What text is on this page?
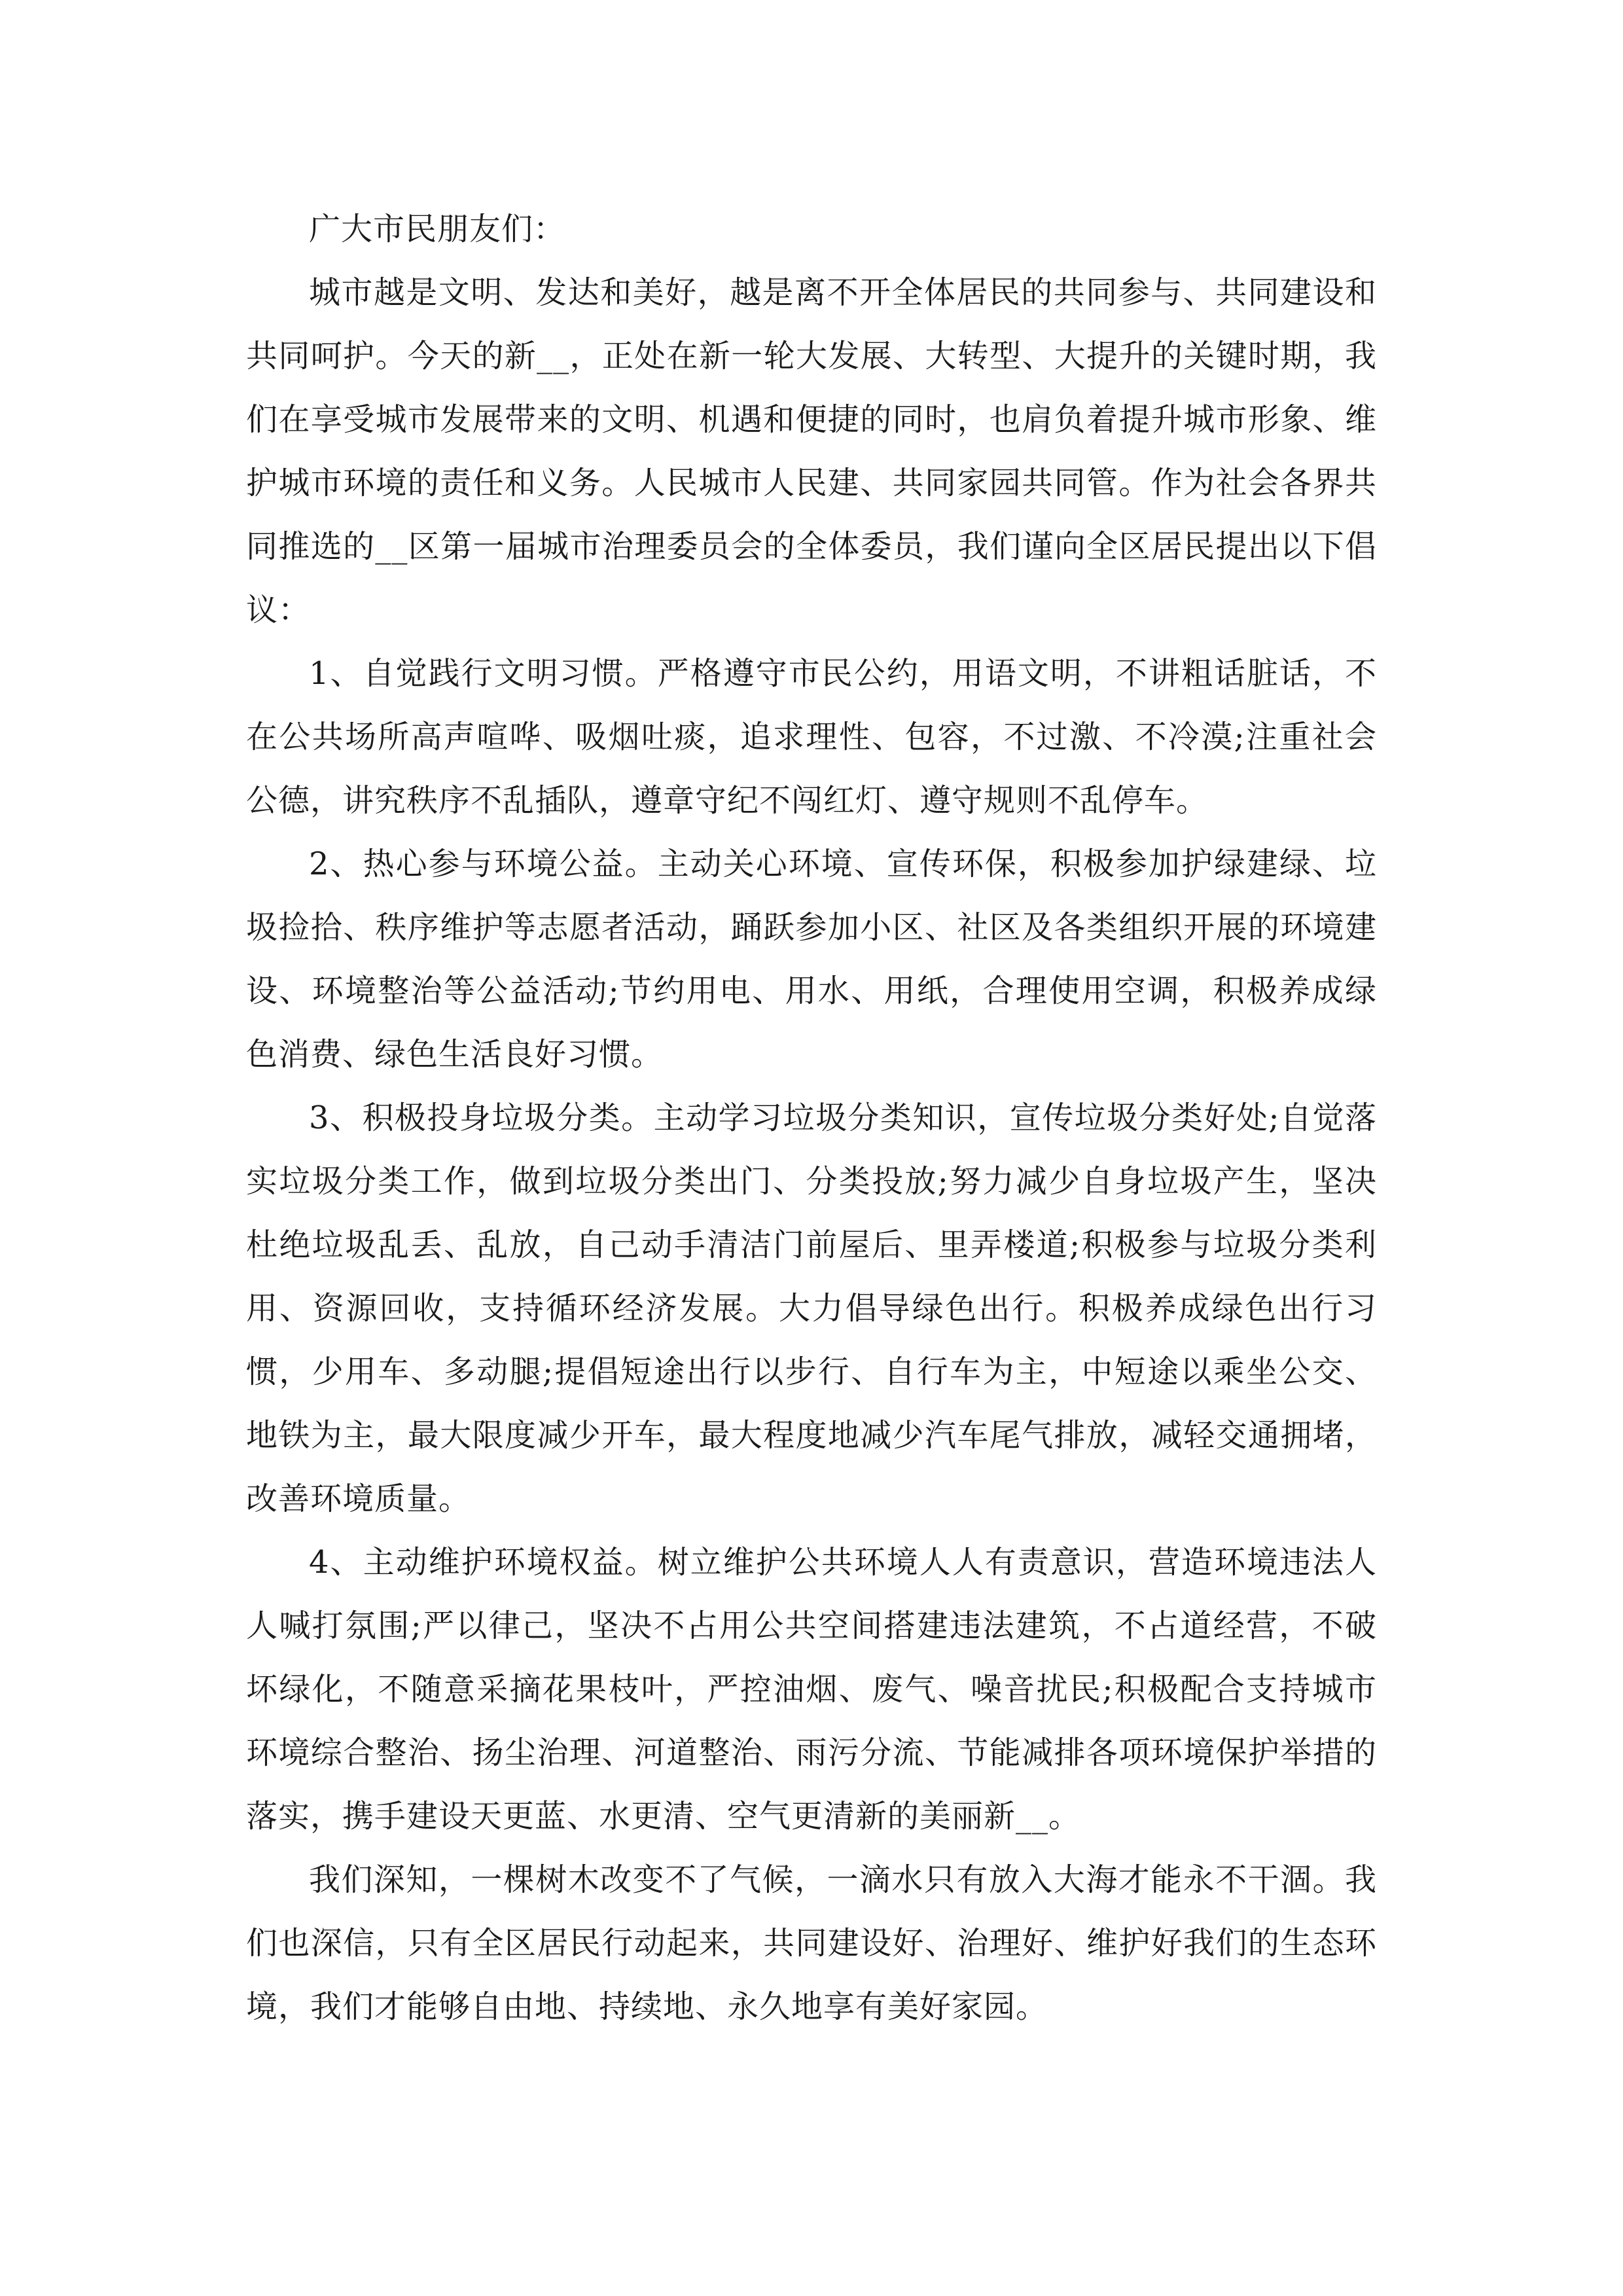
广大市民朋友们：

城市越是文明、发达和美好，越是离不开全体居民的共同参与、共同建设和共同呵护。今天的新__，正处在新一轮大发展、大转型、大提升的关键时期，我们在享受城市发展带来的文明、机遇和便捷的同时，也肩负着提升城市形象、维护城市环境的责任和义务。人民城市人民建、共同家园共同管。作为社会各界共同推选的__区第一届城市治理委员会的全体委员，我们谨向全区居民提出以下倡议：

1、自觉践行文明习惯。严格遵守市民公约，用语文明，不讲粗话脏话，不在公共场所高声喧哗、吸烟吐痰，追求理性、包容，不过激、不冷漠;注重社会公德，讲究秩序不乱插队，遵章守纪不闯红灯、遵守规则不乱停车。

2、热心参与环境公益。主动关心环境、宣传环保，积极参加护绿建绿、垃圾捡拾、秩序维护等志愿者活动，踊跃参加小区、社区及各类组织开展的环境建设、环境整治等公益活动;节约用电、用水、用纸，合理使用空调，积极养成绿色消费、绿色生活良好习惯。

3、积极投身垃圾分类。主动学习垃圾分类知识，宣传垃圾分类好处;自觉落实垃圾分类工作，做到垃圾分类出门、分类投放;努力减少自身垃圾产生，坚决杜绝垃圾乱丢、乱放，自己动手清洁门前屋后、里弄楼道;积极参与垃圾分类利用、资源回收，支持循环经济发展。大力倡导绿色出行。积极养成绿色出行习惯，少用车、多动腿;提倡短途出行以步行、自行车为主，中短途以乘坐公交、地铁为主，最大限度减少开车，最大程度地减少汽车尾气排放，减轻交通拥堵，改善环境质量。

4、主动维护环境权益。树立维护公共环境人人有责意识，营造环境违法人人喊打氛围;严以律己，坚决不占用公共空间搭建违法建筑，不占道经营，不破坏绿化，不随意采摘花果枝叶，严控油烟、废气、噪音扰民;积极配合支持城市环境综合整治、扬尘治理、河道整治、雨污分流、节能减排各项环境保护举措的落实，携手建设天更蓝、水更清、空气更清新的美丽新__。

我们深知，一棵树木改变不了气候，一滴水只有放入大海才能永不干涸。我们也深信，只有全区居民行动起来，共同建设好、治理好、维护好我们的生态环境，我们才能够自由地、持续地、永久地享有美好家园。
